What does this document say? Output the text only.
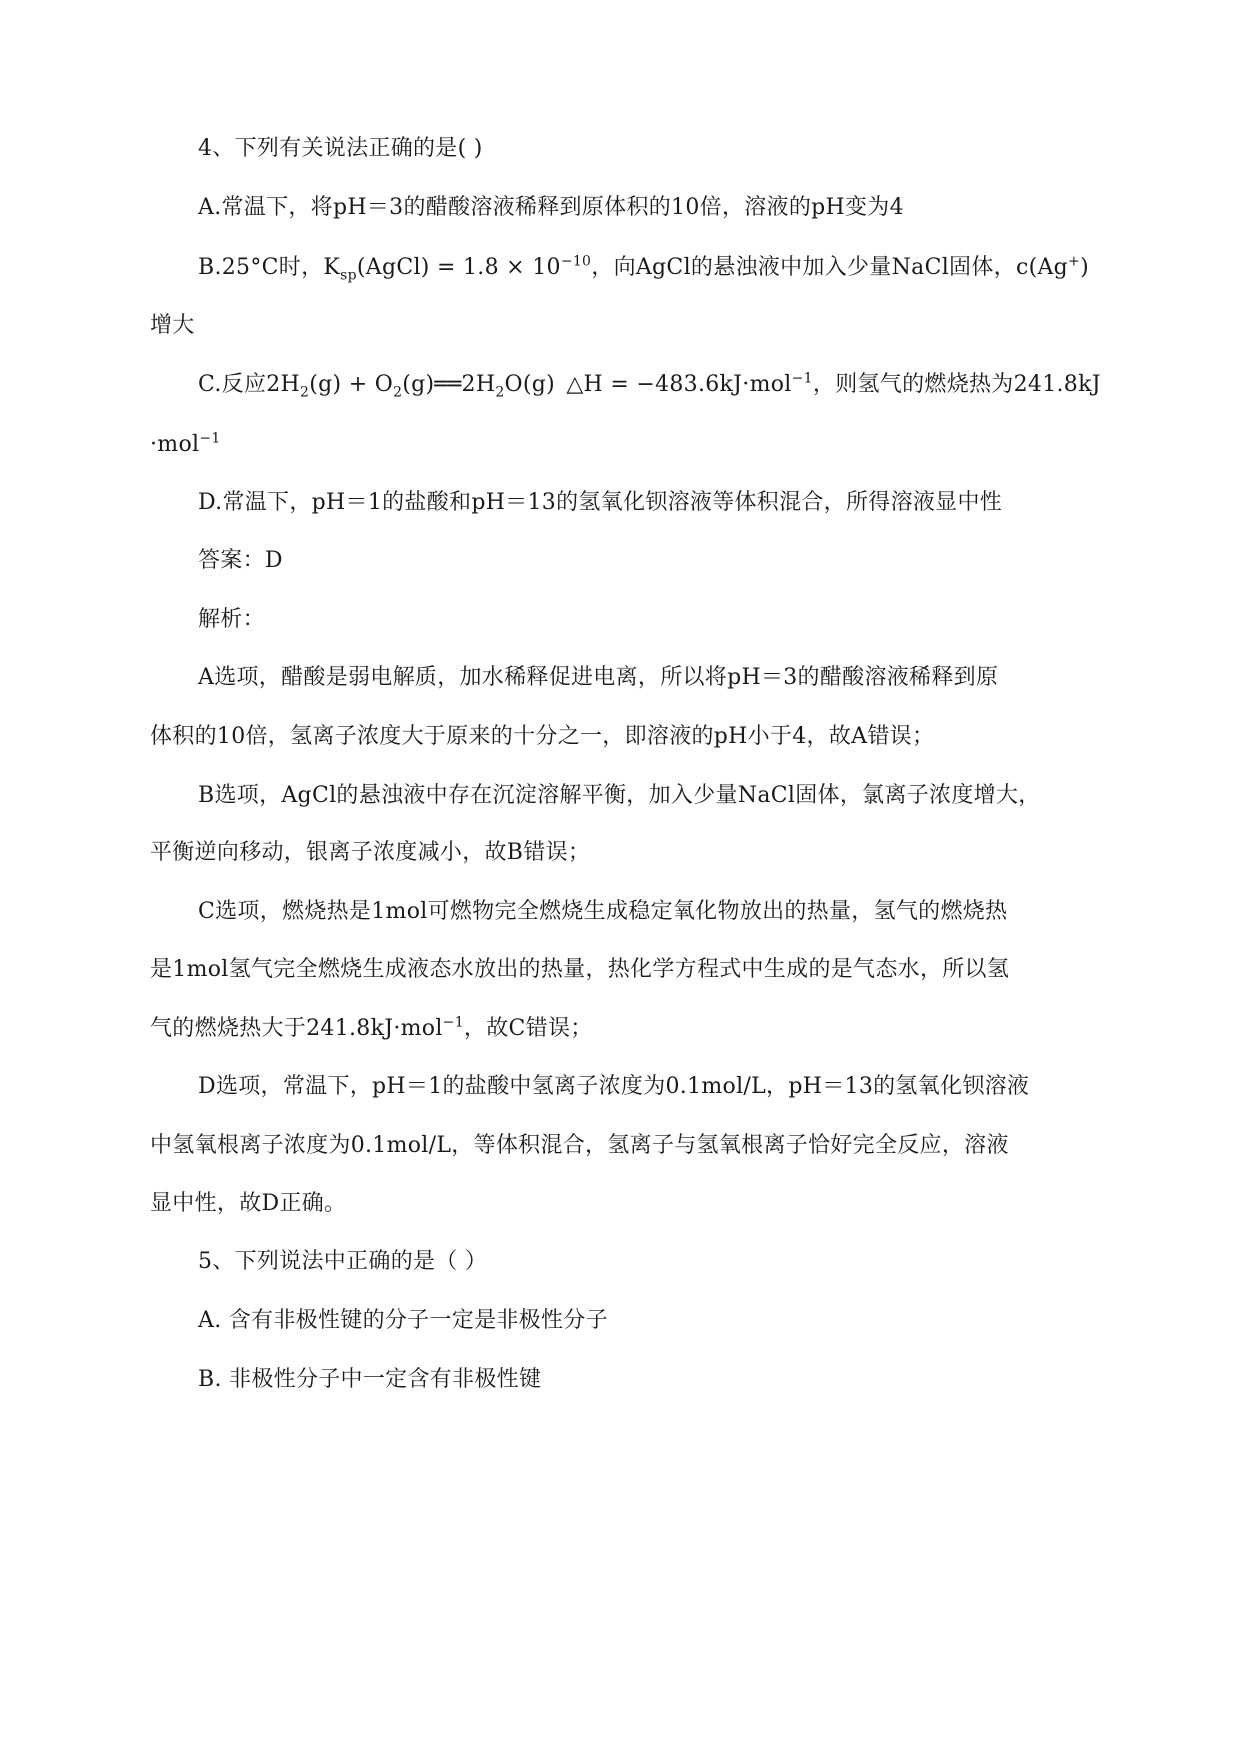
4、下列有关说法正确的是( )
A.常温下，将pH＝3的醋酸溶液稀释到原体积的10倍，溶液的pH变为4
B.25°C时，$K_{sp}(AgCl) = 1.8 \times 10^{-10}$，向AgCl的悬浊液中加入少量NaCl固体，c(Ag+)
增大
C.反应$2H_2(g)$ + $O_2(g)══2H_2O(g)$ △H = −483.6kJ·mol$^{-1}$，则氢气的燃烧热为241.8kJ
·mol$^{-1}$
D.常温下，pH＝1的盐酸和pH＝13的氢氧化钡溶液等体积混合，所得溶液显中性
答案：D
解析：
A选项，醋酸是弱电解质，加水稀释促进电离，所以将pH＝3的醋酸溶液稀释到原
体积的10倍，氢离子浓度大于原来的十分之一，即溶液的pH小于4，故A错误；
B选项，AgCl的悬浊液中存在沉淀溶解平衡，加入少量NaCl固体，氯离子浓度增大，
平衡逆向移动，银离子浓度减小，故B错误；
C选项，燃烧热是1mol可燃物完全燃烧生成稳定氧化物放出的热量，氢气的燃烧热
是1mol氢气完全燃烧生成液态水放出的热量，热化学方程式中生成的是气态水，所以氢
气的燃烧热大于241.8kJ·mol$^{-1}$，故C错误；
D选项，常温下，pH＝1的盐酸中氢离子浓度为0.1mol/L，pH＝13的氢氧化钡溶液
中氢氧根离子浓度为0.1mol/L，等体积混合，氢离子与氢氧根离子恰好完全反应，溶液
显中性，故D正确。
5、下列说法中正确的是（ ）
A. 含有非极性键的分子一定是非极性分子
B. 非极性分子中一定含有非极性键
